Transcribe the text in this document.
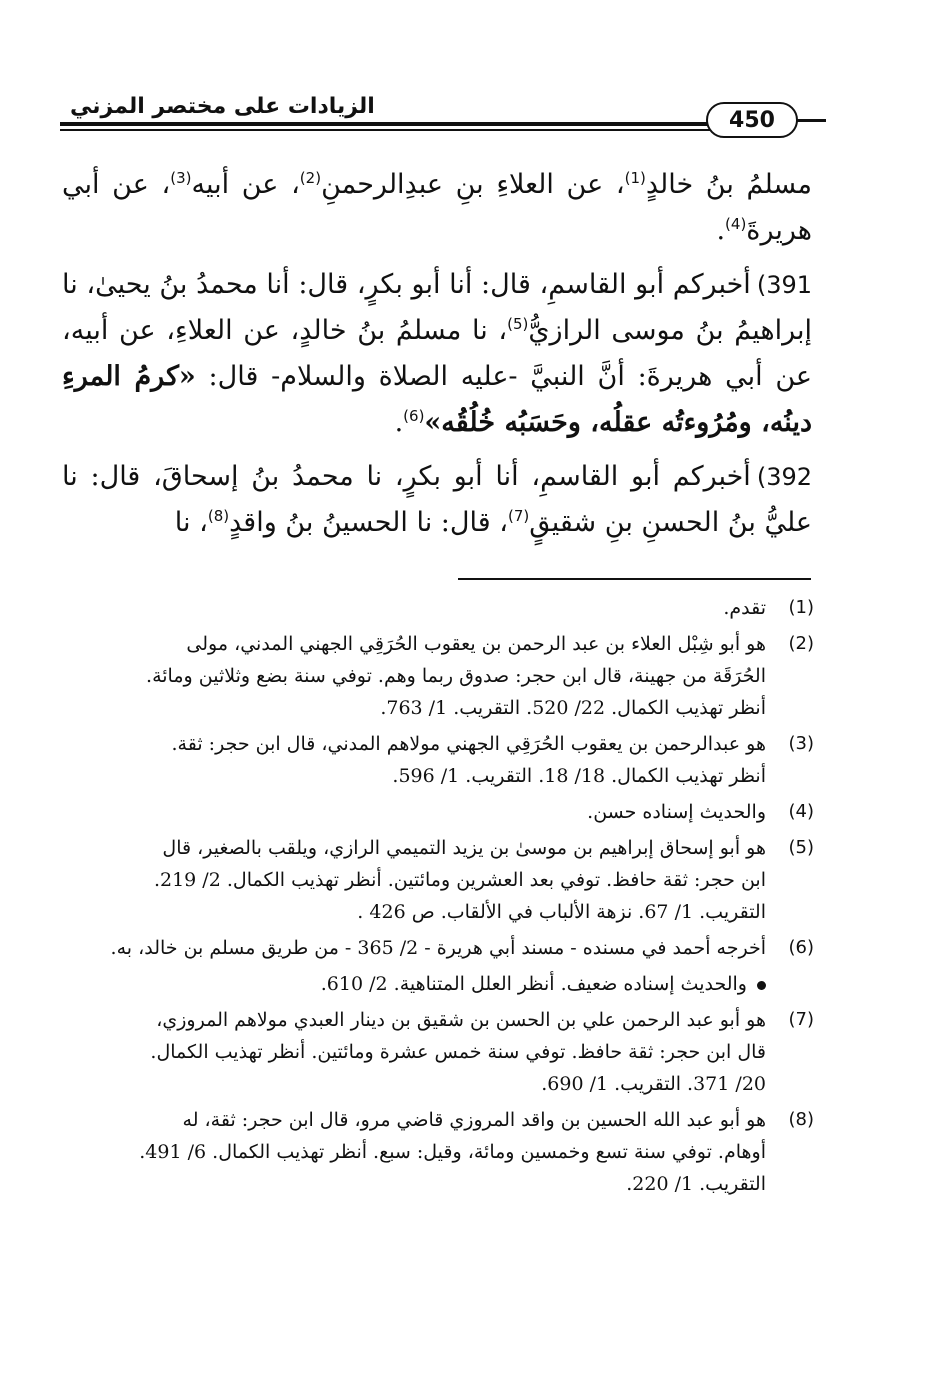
الزيادات على مختصر المزني
450

مسلمُ بنُ خالدٍ$^{(1)}$، عن العلاءِ بنِ عبدِالرحمنِ$^{(2)}$، عن أبيه$^{(3)}$، عن أبي هريرةَ$^{(4)}$.

391)أخبركم أبو القاسمِ، قال: أنا أبو بكرٍ، قال: أنا محمدُ بنُ يحيىٰ، نا إبراهيمُ بنُ موسى الرازيُّ$^{(5)}$، نا مسلمُ بنُ خالدٍ، عن العلاءِ، عن أبيه، عن أبي هريرةَ: أنَّ النبيَّ -عليه الصلاة والسلام- قال: «كرمُ المرءِ دينُه، ومُرُوءتُه عقلُه، وحَسَبُه خُلُقُه»$^{(6)}$.

392)أخبركم أبو القاسمِ، أنا أبو بكرٍ، نا محمدُ بنُ إسحاقَ، قال: نا عليُّ بنُ الحسنِ بنِ شقيقٍ$^{(7)}$، قال: نا الحسينُ بنُ واقدٍ$^{(8)}$، نا

(1)
تقدم.
(2)
هو أبو شِبْل العلاء بن عبد الرحمن بن يعقوب الحُرَقِي الجهني المدني، مولى
الحُرَقَة من جهينة، قال ابن حجر: صدوق ربما وهم. توفي سنة بضع وثلاثين ومائة.
أنظر تهذيب الكمال. 22/ 520. التقريب. 1/ 763.
(3)
هو عبدالرحمن بن يعقوب الحُرَقِي الجهني مولاهم المدني، قال ابن حجر: ثقة.
أنظر تهذيب الكمال. 18/ 18. التقريب. 1/ 596.
(4)
والحديث إسناده حسن.
(5)
هو أبو إسحاق إبراهيم بن موسىٰ بن يزيد التميمي الرازي، ويلقب بالصغير، قال
ابن حجر: ثقة حافظ. توفي بعد العشرين ومائتين. أنظر تهذيب الكمال. 2/ 219.
التقريب. 1/ 67. نزهة الألباب في الألقاب. ص 426 .
(6)
أخرجه أحمد في مسنده - مسند أبي هريرة - 2/ 365 - من طريق مسلم بن خالد، به.
والحديث إسناده ضعيف. أنظر العلل المتناهية. 2/ 610.
(7)
هو أبو عبد الرحمن علي بن الحسن بن شقيق بن دينار العبدي مولاهم المروزي،
قال ابن حجر: ثقة حافظ. توفي سنة خمس عشرة ومائتين. أنظر تهذيب الكمال.
20/ 371. التقريب. 1/ 690.
(8)
هو أبو عبد الله الحسين بن واقد المروزي قاضي مرو، قال ابن حجر: ثقة، له
أوهام. توفي سنة تسع وخمسين ومائة، وقيل: سبع. أنظر تهذيب الكمال. 6/ 491.
التقريب. 1/ 220.
